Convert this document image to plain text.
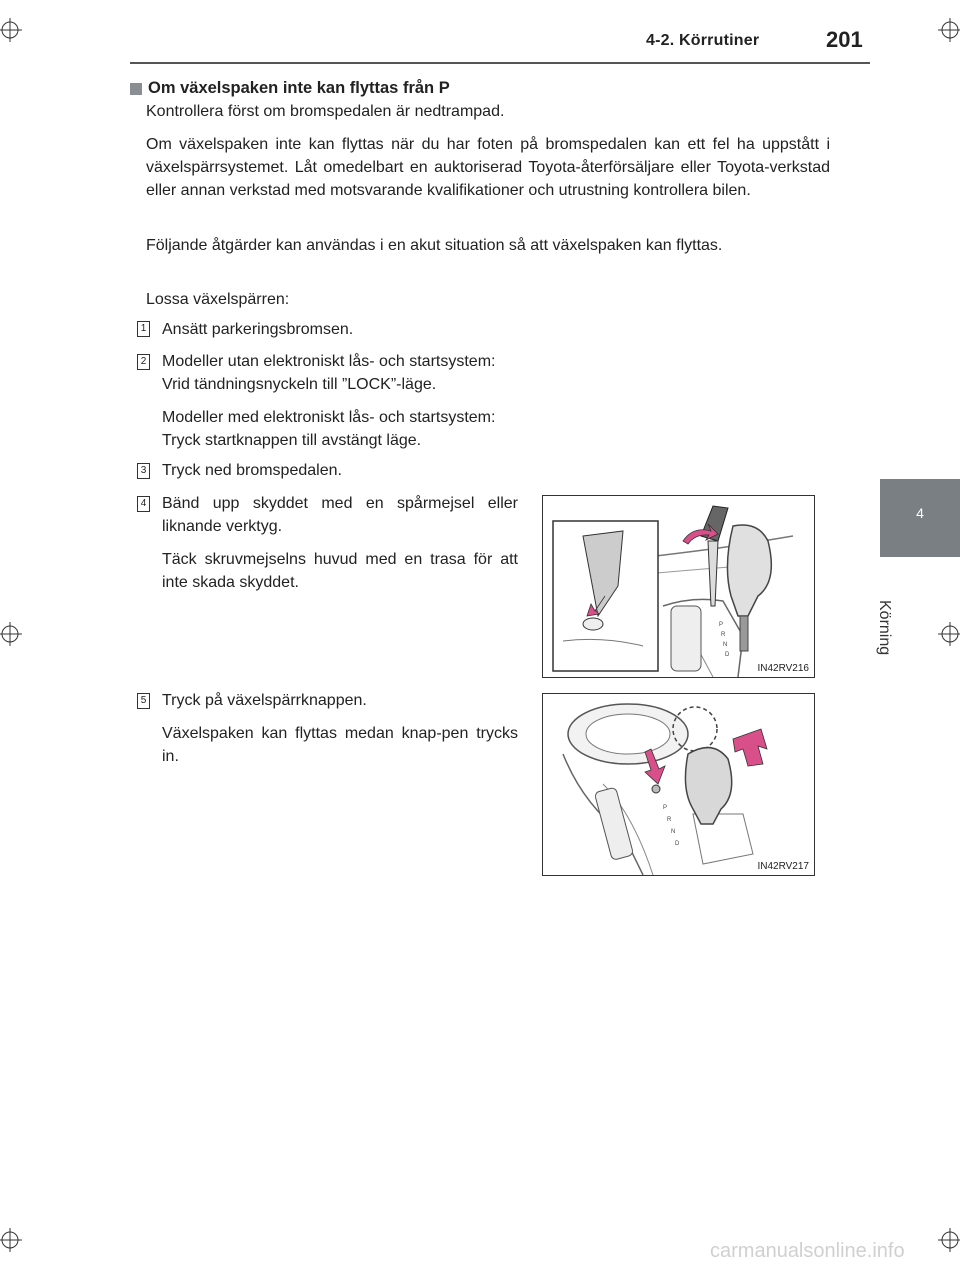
4-2. Körrutiner	201
4
Körning
Om växelspaken inte kan flyttas från P
Kontrollera först om bromspedalen är nedtrampad.
Om växelspaken inte kan flyttas när du har foten på bromspedalen kan ett fel ha uppstått i växelspärrsystemet. Låt omedelbart en auktoriserad Toyota-återförsäljare eller Toyota-verkstad eller annan verkstad med motsvarande kvalifikationer och utrustning kontrollera bilen.
Följande åtgärder kan användas i en akut situation så att växelspaken kan flyttas.
Lossa växelspärren:
1 Ansätt parkeringsbromsen.
2 Modeller utan elektroniskt lås- och startsystem:
Vrid tändningsnyckeln till ”LOCK”-läge.
Modeller med elektroniskt lås- och startsystem:
Tryck startknappen till avstängt läge.
3 Tryck ned bromspedalen.
4 Bänd upp skyddet med en spårmejsel eller liknande verktyg.
Täck skruvmejselns huvud med en trasa för att inte skada skyddet.
P
R
N
D
IN42RV216
5 Tryck på växelspärrknappen.
Växelspaken kan flyttas medan knap-pen trycks in.
P
R
N
D
IN42RV217
carmanualsonline.info
